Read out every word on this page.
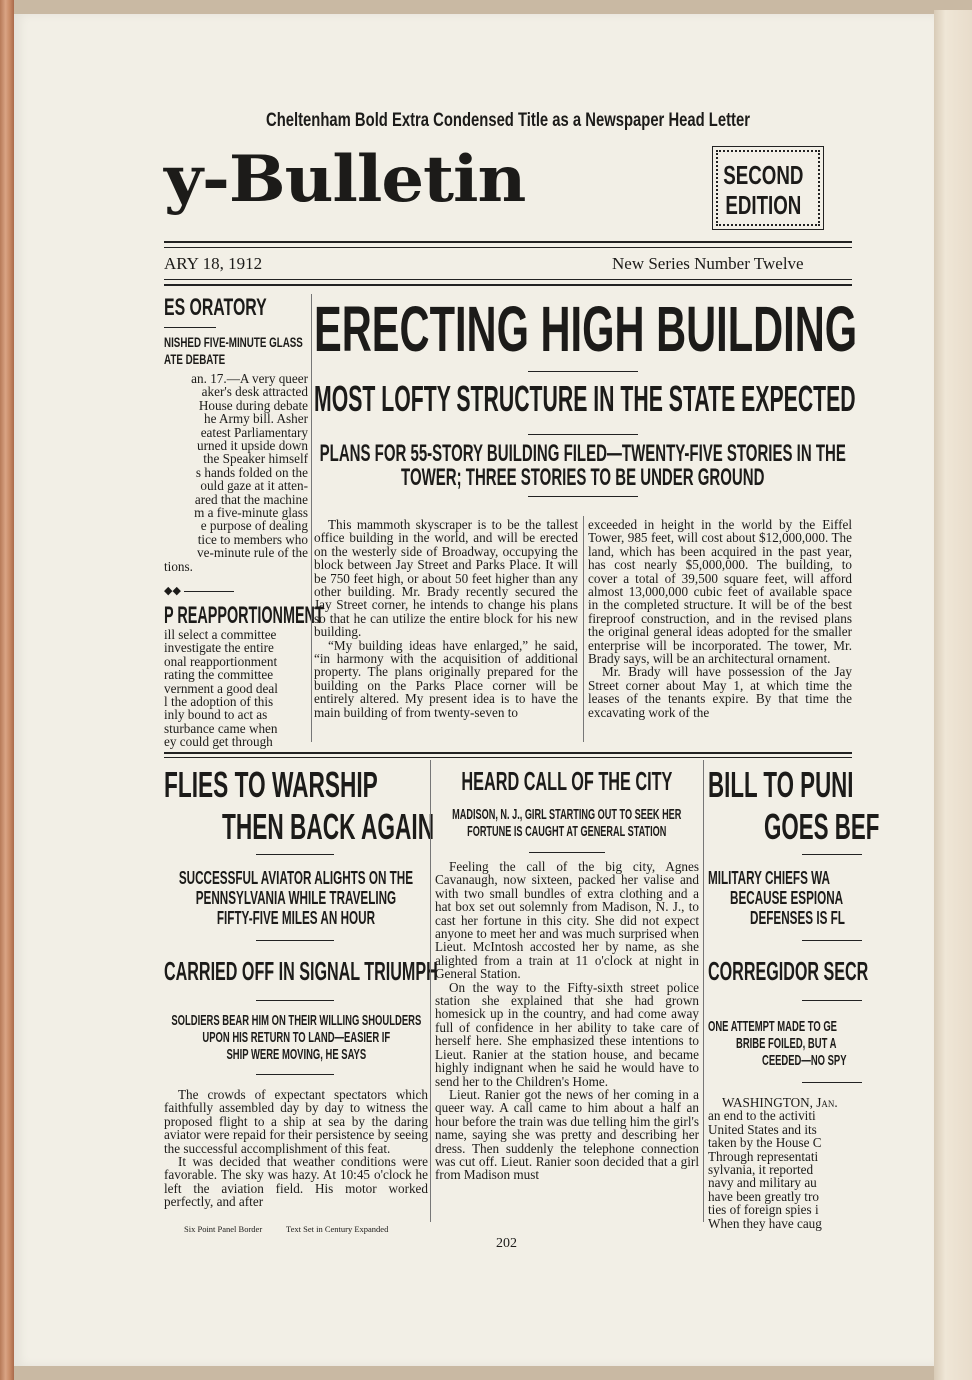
Cheltenham Bold Extra Condensed Title as a Newspaper Head Letter
y-Bulletin	SECOND
EDITION
ARY 18, 1912	New Series Number Twelve
ES ORATORY
NISHED FIVE-MINUTE GLASS
ATE DEBATE
an. 17.—A very queer
aker's desk attracted
House during debate
he Army bill. Asher
eatest Parliamentary
urned it upside down
the Speaker himself
s hands folded on the
ould gaze at it atten-
ared that the machine
m a five-minute glass
e purpose of dealing
tice to members who
ve-minute rule of the
tions.
◆◆
P REAPPORTIONMENT
ill select a committee
investigate the entire
onal reapportionment
rating the committee
vernment a good deal
l the adoption of this
inly bound to act as
sturbance came when
ey could get through
ERECTING HIGH BUILDING
MOST LOFTY STRUCTURE IN THE STATE EXPECTED
PLANS FOR 55-STORY BUILDING FILED—TWENTY-FIVE STORIES IN THE
TOWER; THREE STORIES TO BE UNDER GROUND

This mammoth skyscraper is to be the tallest office building in the world, and will be erected on the westerly side of Broadway, occupying the block between Jay Street and Parks Place. It will be 750 feet high, or about 50 feet higher than any other building. Mr. Brady recently secured the Jay Street corner, he intends to change his plans so that he can utilize the entire block for his new building.

“My building ideas have enlarged,” he said, “in harmony with the acquisition of additional property. The plans originally prepared for the building on the Parks Place corner will be entirely altered. My present idea is to have the main building of from twenty-seven to

exceeded in height in the world by the Eiffel Tower, 985 feet, will cost about $12,000,000. The land, which has been acquired in the past year, has cost nearly $5,000,000. The building, to cover a total of 39,500 square feet, will afford almost 13,000,000 cubic feet of available space in the completed structure. It will be of the best fireproof construction, and in the revised plans the original general ideas adopted for the smaller enterprise will be incorporated. The tower, Mr. Brady says, will be an architectural ornament.

Mr. Brady will have possession of the Jay Street corner about May 1, at which time the leases of the tenants expire. By that time the excavating work of the

FLIES TO WARSHIP
THEN BACK AGAIN
SUCCESSFUL AVIATOR ALIGHTS ON THE
PENNSYLVANIA WHILE TRAVELING
FIFTY-FIVE MILES AN HOUR
CARRIED OFF IN SIGNAL TRIUMPH
SOLDIERS BEAR HIM ON THEIR WILLING SHOULDERS
UPON HIS RETURN TO LAND—EASIER IF
SHIP WERE MOVING, HE SAYS

The crowds of expectant spectators which faithfully assembled day by day to witness the proposed flight to a ship at sea by the daring aviator were repaid for their persistence by seeing the successful accomplishment of this feat.

It was decided that weather conditions were favorable. The sky was hazy. At 10:45 o'clock he left the aviation field. His motor worked perfectly, and after

HEARD CALL OF THE CITY
MADISON, N. J., GIRL STARTING OUT TO SEEK HER
FORTUNE IS CAUGHT AT GENERAL STATION

Feeling the call of the big city, Agnes Cavanaugh, now sixteen, packed her valise and with two small bundles of extra clothing and a hat box set out solemnly from Madison, N. J., to cast her fortune in this city. She did not expect anyone to meet her and was much surprised when Lieut. McIntosh accosted her by name, as she alighted from a train at 11 o'clock at night in General Station.

On the way to the Fifty-sixth street police station she explained that she had grown homesick up in the country, and had come away full of confidence in her ability to take care of herself here. She emphasized these intentions to Lieut. Ranier at the station house, and became highly indignant when he said he would have to send her to the Children's Home.

Lieut. Ranier got the news of her coming in a queer way. A call came to him about a half an hour before the train was due telling him the girl's name, saying she was pretty and describing her dress. Then suddenly the telephone connection was cut off. Lieut. Ranier soon decided that a girl from Madison must

BILL TO PUNI
GOES BEF
MILITARY CHIEFS WA
BECAUSE ESPIONA
DEFENSES IS FL
CORREGIDOR SECR
ONE ATTEMPT MADE TO GE
BRIBE FOILED, BUT A
CEEDED—NO SPY
WASHINGTON, Jan.
an end to the activiti
United States and its
taken by the House C
Through representati
sylvania, it reported
navy and military au
have been greatly tro
ties of foreign spies i
When they have caug
Six Point Panel Border	Text Set in Century Expanded
202
